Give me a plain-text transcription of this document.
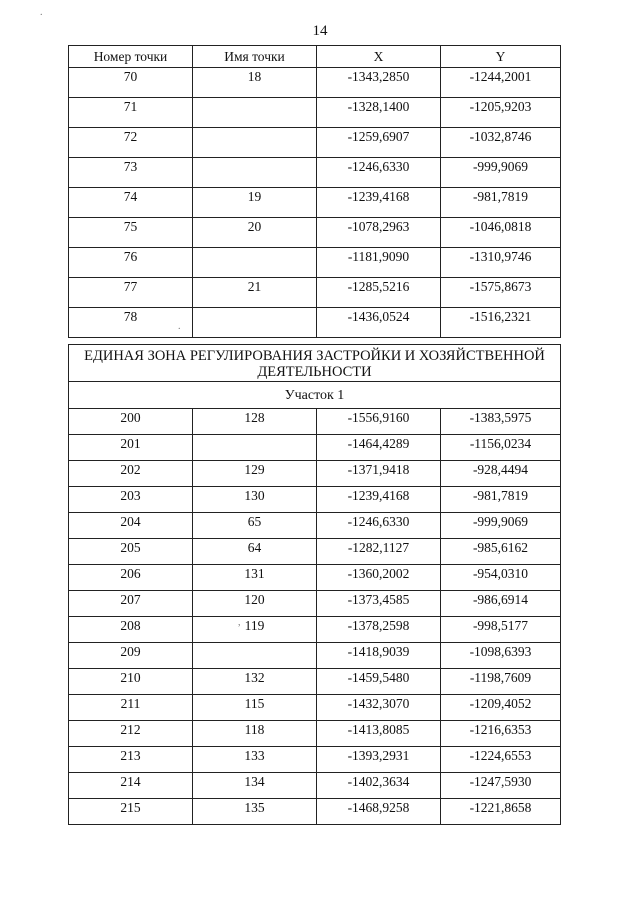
14
.
.
,
Номер точки	Имя точки	X	Y
70	18	-1343,2850	-1244,2001
71		-1328,1400	-1205,9203
72		-1259,6907	-1032,8746
73		-1246,6330	-999,9069
74	19	-1239,4168	-981,7819
75	20	-1078,2963	-1046,0818
76		-1181,9090	-1310,9746
77	21	-1285,5216	-1575,8673
78		-1436,0524	-1516,2321
ЕДИНАЯ ЗОНА РЕГУЛИРОВАНИЯ ЗАСТРОЙКИ И ХОЗЯЙСТВЕННОЙ ДЕЯТЕЛЬНОСТИ			
Участок 1			
200	128	-1556,9160	-1383,5975
201		-1464,4289	-1156,0234
202	129	-1371,9418	-928,4494
203	130	-1239,4168	-981,7819
204	65	-1246,6330	-999,9069
205	64	-1282,1127	-985,6162
206	131	-1360,2002	-954,0310
207	120	-1373,4585	-986,6914
208	119	-1378,2598	-998,5177
209		-1418,9039	-1098,6393
210	132	-1459,5480	-1198,7609
211	115	-1432,3070	-1209,4052
212	118	-1413,8085	-1216,6353
213	133	-1393,2931	-1224,6553
214	134	-1402,3634	-1247,5930
215	135	-1468,9258	-1221,8658
